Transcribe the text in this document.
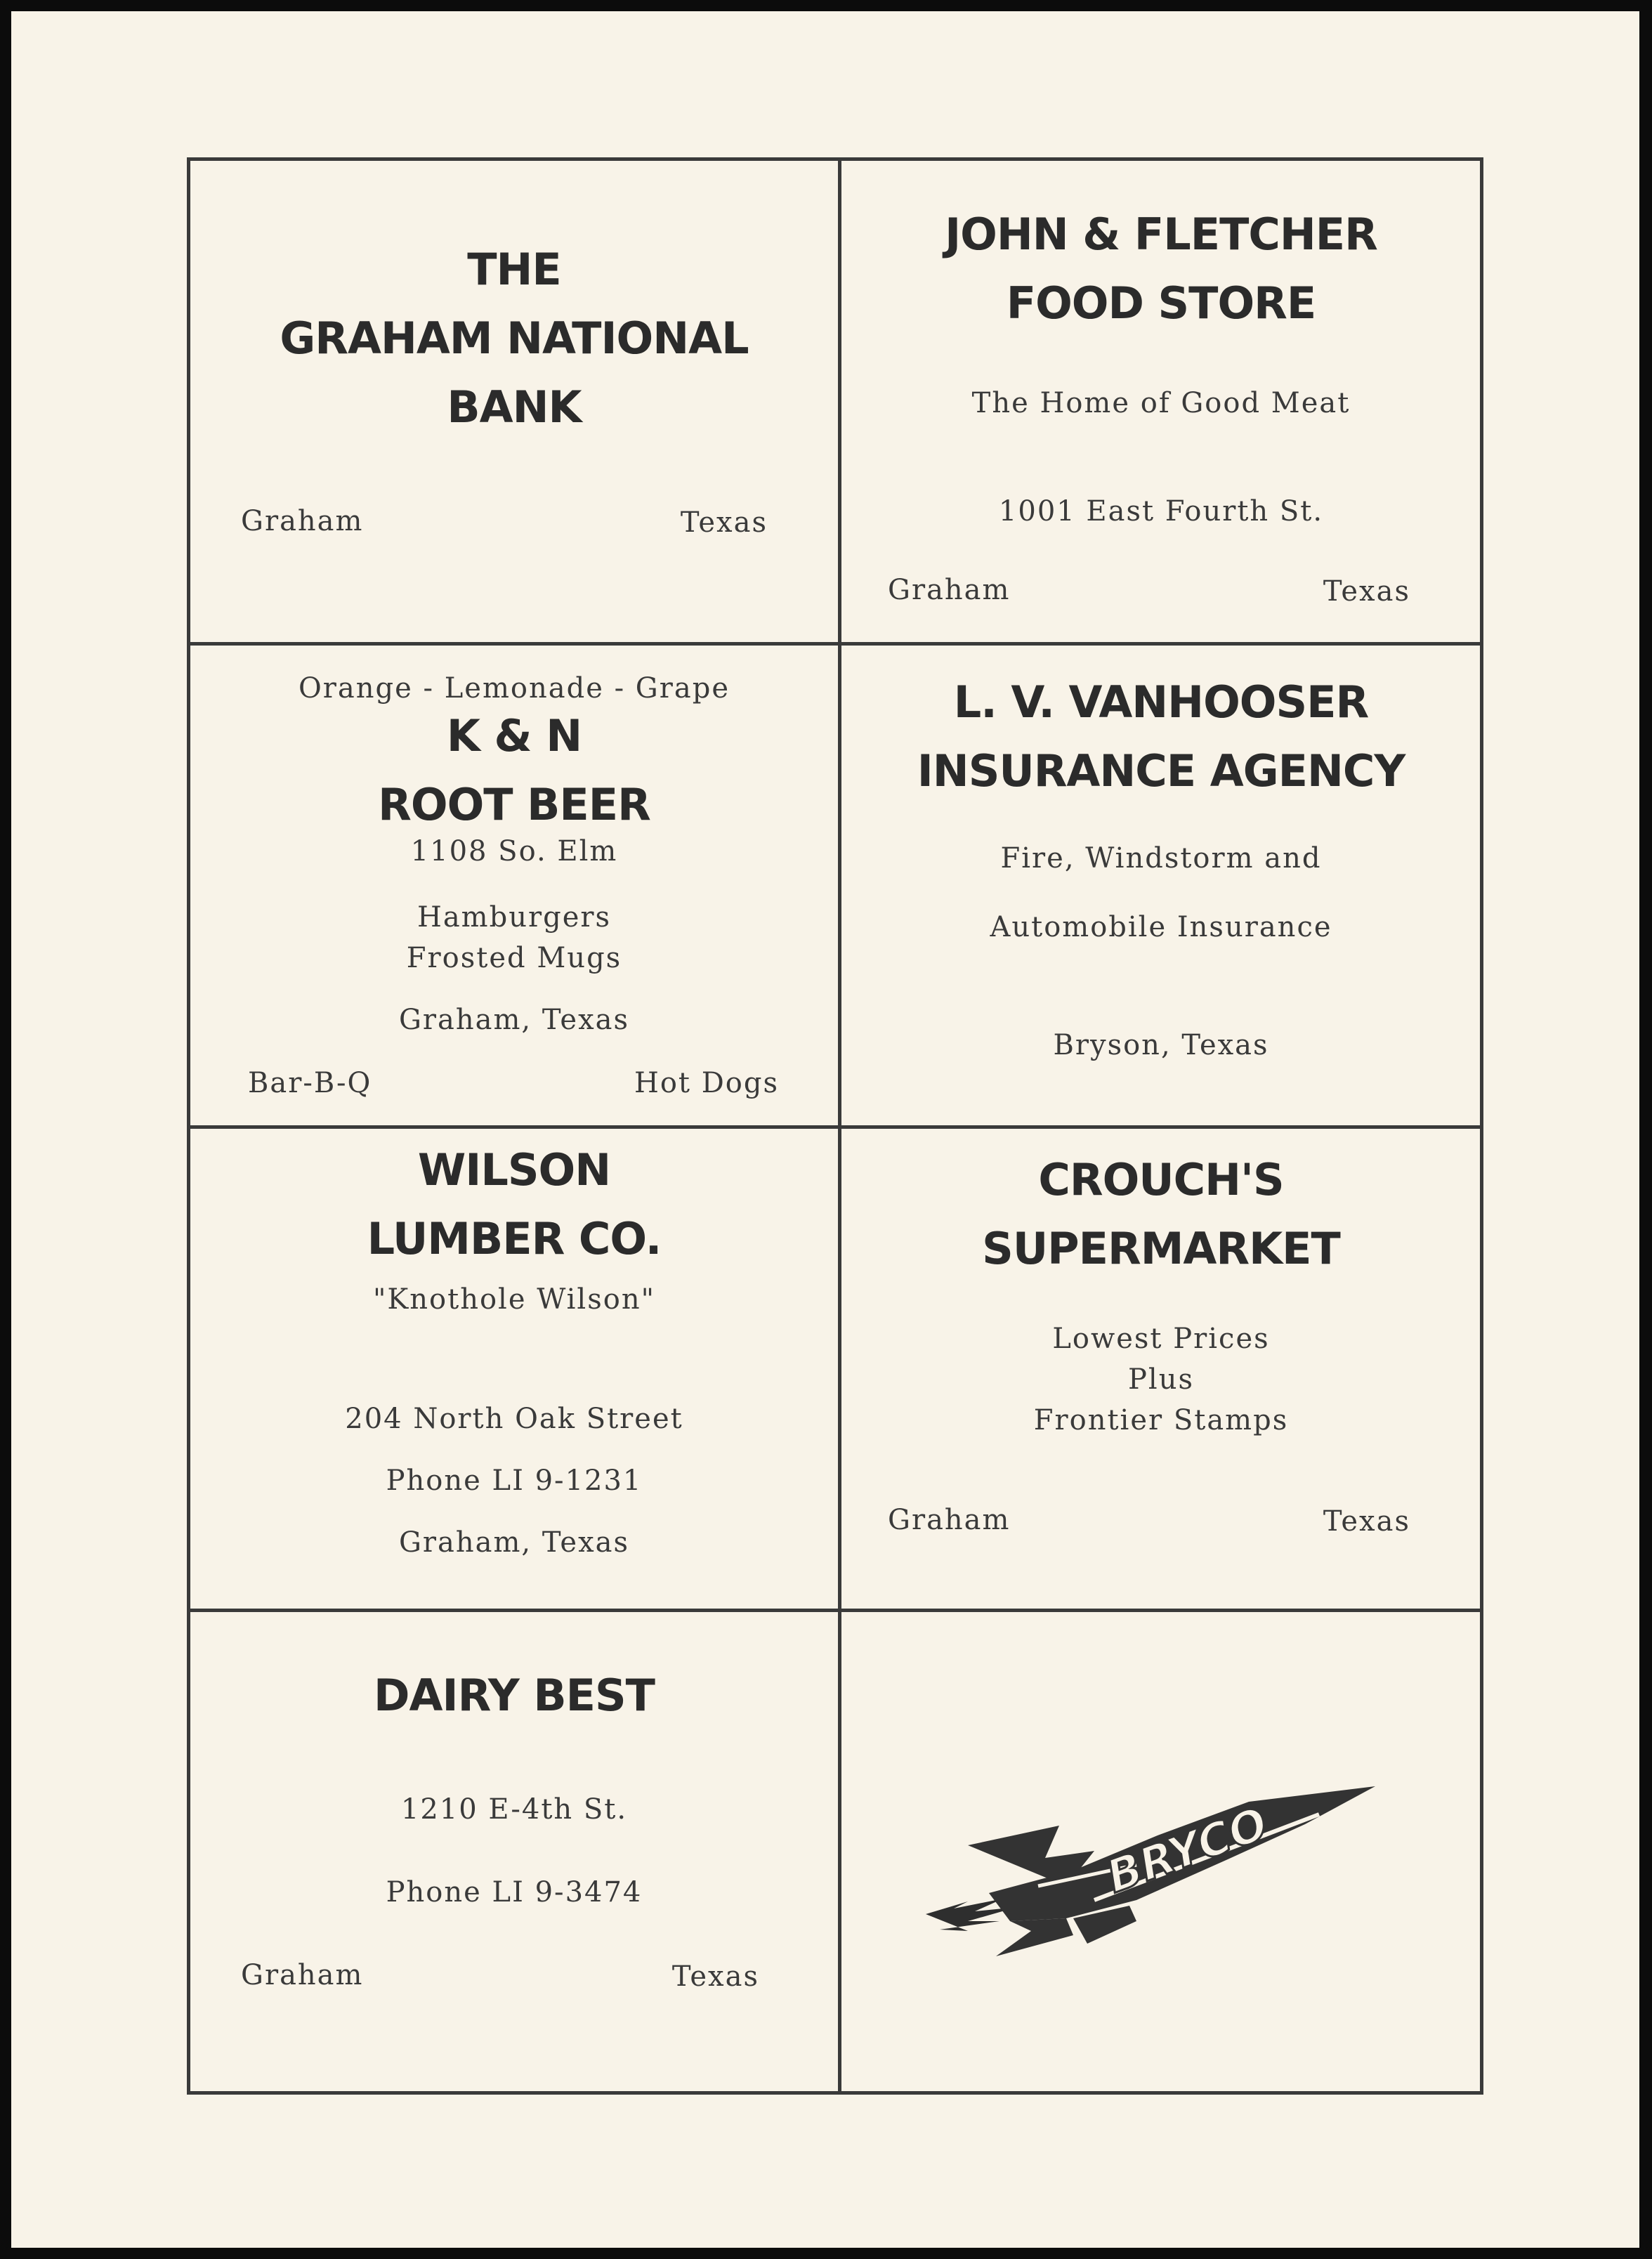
THE
GRAHAM NATIONAL
BANK
Graham	Texas
JOHN & FLETCHER
FOOD STORE
The Home of Good Meat
1001 East Fourth St.
Graham	Texas
Orange - Lemonade - Grape
K & N
ROOT BEER
1108 So. Elm
Hamburgers
Frosted Mugs
Graham, Texas
Bar-B-Q	Hot Dogs
L. V. VANHOOSER
INSURANCE AGENCY
Fire, Windstorm and
Automobile Insurance
Bryson, Texas
WILSON
LUMBER CO.
"Knothole Wilson"
204 North Oak Street
Phone LI 9-1231
Graham, Texas
CROUCH'S
SUPERMARKET
Lowest Prices
Plus
Frontier Stamps
Graham	Texas
DAIRY BEST
1210 E-4th St.
Phone LI 9-3474
Graham	Texas
BRYCO
